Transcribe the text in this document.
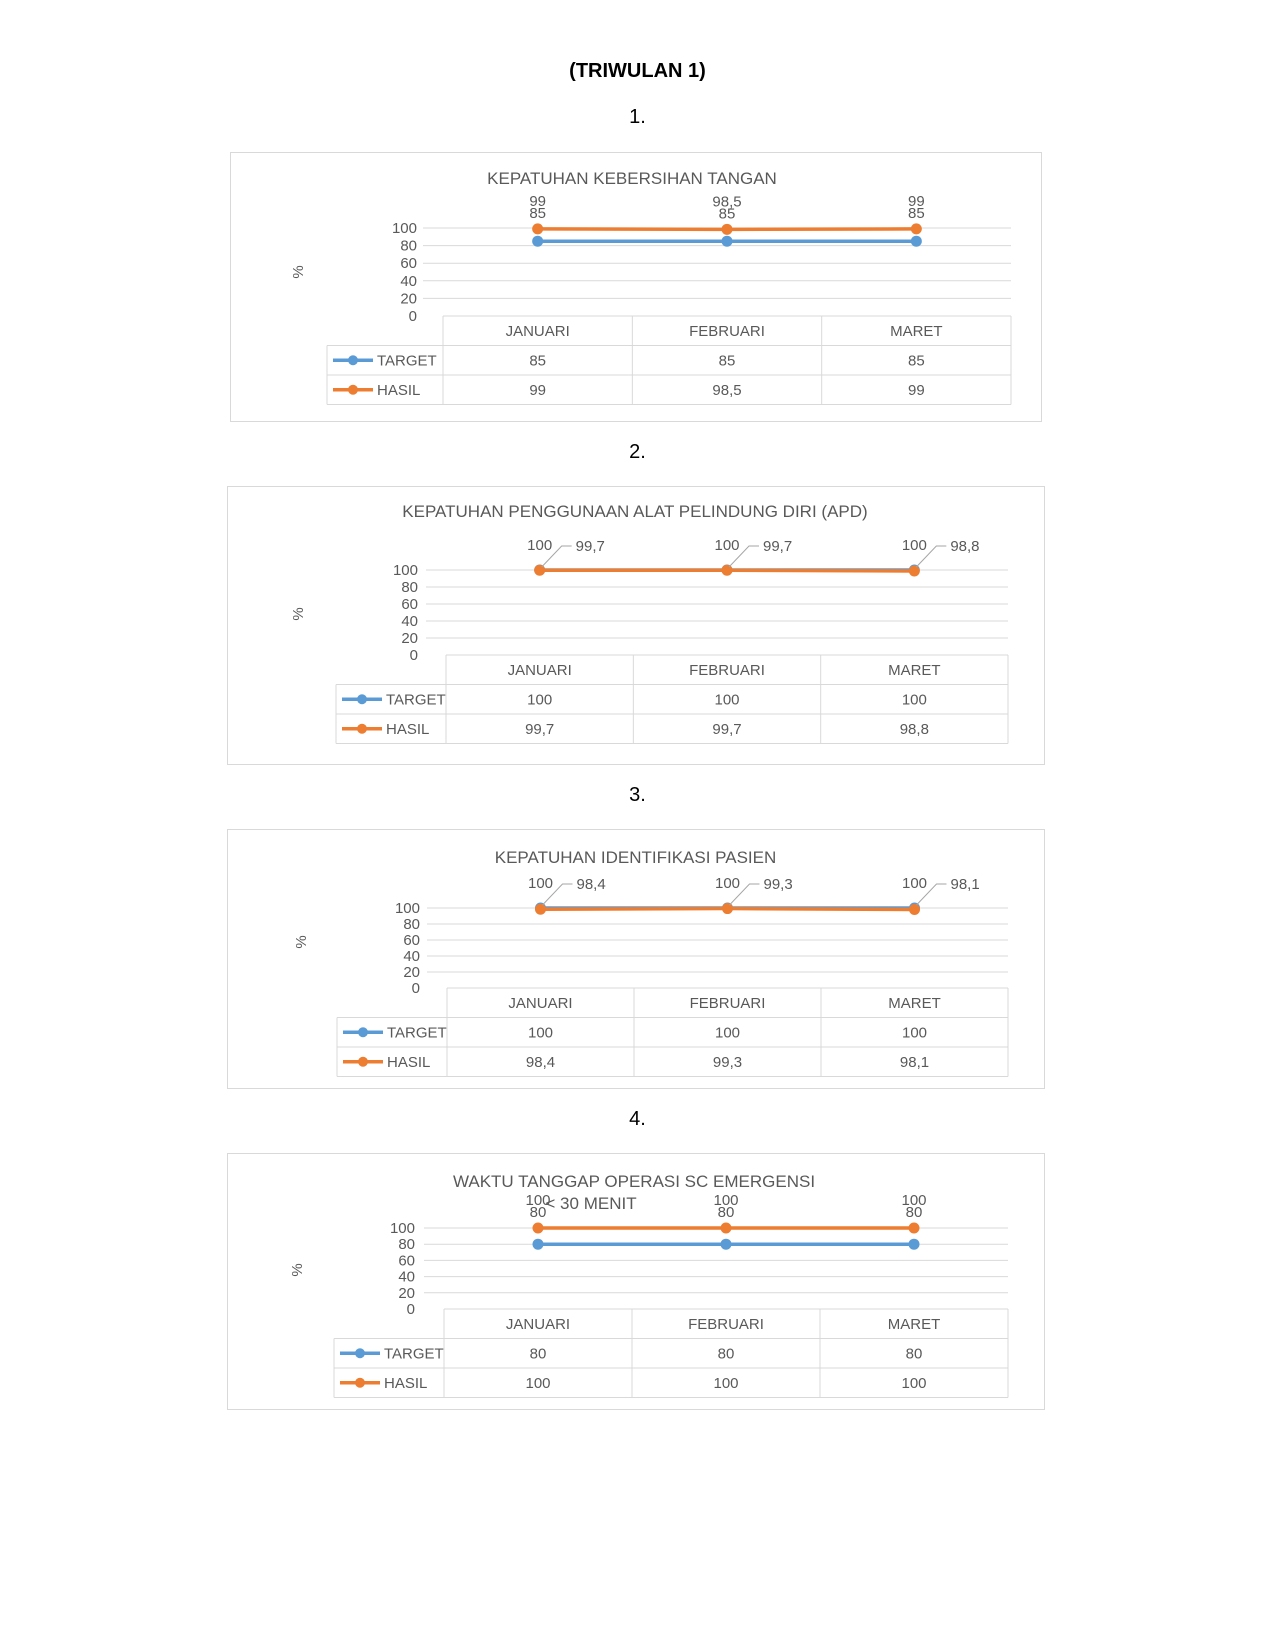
(TRIWULAN 1)
1.
KEPATUHAN KEBERSIHAN TANGAN
%
100
80
60
40
20
0
99
85
98,5
85
99
85
JANUARI	FEBRUARI	MARET
TARGET	85	85	85
HASIL	99	98,5	99
2.
KEPATUHAN PENGGUNAAN ALAT PELINDUNG DIRI (APD)
%
100
80
60
40
20
0
100 99,7	100 99,7	100 98,8
JANUARI	FEBRUARI	MARET
TARGET	100	100	100
HASIL	99,7	99,7	98,8
3.
KEPATUHAN IDENTIFIKASI PASIEN
%
100
80
60
40
20
0
100 98,4	100 99,3	100 98,1
JANUARI	FEBRUARI	MARET
TARGET	100	100	100
HASIL	98,4	99,3	98,1
4.
WAKTU TANGGAP OPERASI SC EMERGENSI
< 30 MENIT
%
100
80
60
40
20
0
100
80
100
80
100
80
JANUARI	FEBRUARI	MARET
TARGET	80	80	80
HASIL	100	100	100
